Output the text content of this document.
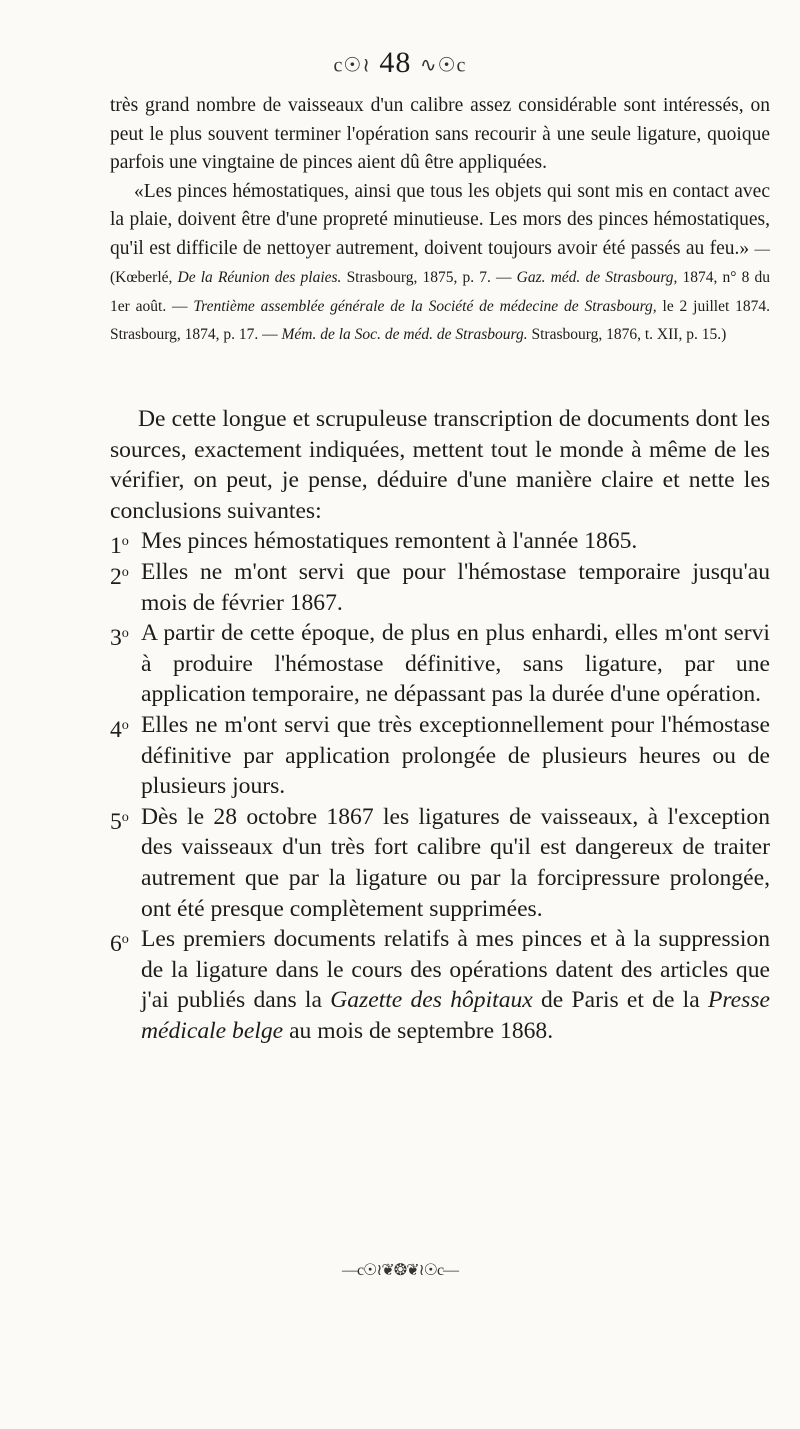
c☉≀ 48 ∿☉c

très grand nombre de vaisseaux d'un calibre assez considérable sont intéressés, on peut le plus souvent terminer l'opération sans recourir à une seule ligature, quoique parfois une vingtaine de pinces aient dû être appliquées.

«Les pinces hémostatiques, ainsi que tous les objets qui sont mis en contact avec la plaie, doivent être d'une propreté minutieuse. Les mors des pinces hémostatiques, qu'il est difficile de nettoyer autrement, doivent toujours avoir été passés au feu.» — (Kœberlé, De la Réunion des plaies. Strasbourg, 1875, p. 7. — Gaz. méd. de Strasbourg, 1874, n° 8 du 1er août. — Trentième assemblée générale de la Société de médecine de Strasbourg, le 2 juillet 1874. Strasbourg, 1874, p. 17. — Mém. de la Soc. de méd. de Strasbourg. Strasbourg, 1876, t. XII, p. 15.)

De cette longue et scrupuleuse transcription de documents dont les sources, exactement indiquées, mettent tout le monde à même de les vérifier, on peut, je pense, déduire d'une manière claire et nette les conclusions suivantes:

1$^o$ Mes pinces hémostatiques remontent à l'année 1865.
2$^o$ Elles ne m'ont servi que pour l'hémostase temporaire jusqu'au mois de février 1867.
3$^o$ A partir de cette époque, de plus en plus enhardi, elles m'ont servi à produire l'hémostase définitive, sans ligature, par une application temporaire, ne dépassant pas la durée d'une opération.
4$^o$ Elles ne m'ont servi que très exceptionnellement pour l'hémostase définitive par application prolongée de plusieurs heures ou de plusieurs jours.
5$^o$ Dès le 28 octobre 1867 les ligatures de vaisseaux, à l'exception des vaisseaux d'un très fort calibre qu'il est dangereux de traiter autrement que par la ligature ou par la forcipressure prolongée, ont été presque complètement supprimées.
6$^o$ Les premiers documents relatifs à mes pinces et à la suppression de la ligature dans le cours des opérations datent des articles que j'ai publiés dans la Gazette des hôpitaux de Paris et de la Presse médicale belge au mois de septembre 1868.
—c☉≀❦❂❦≀☉c—
